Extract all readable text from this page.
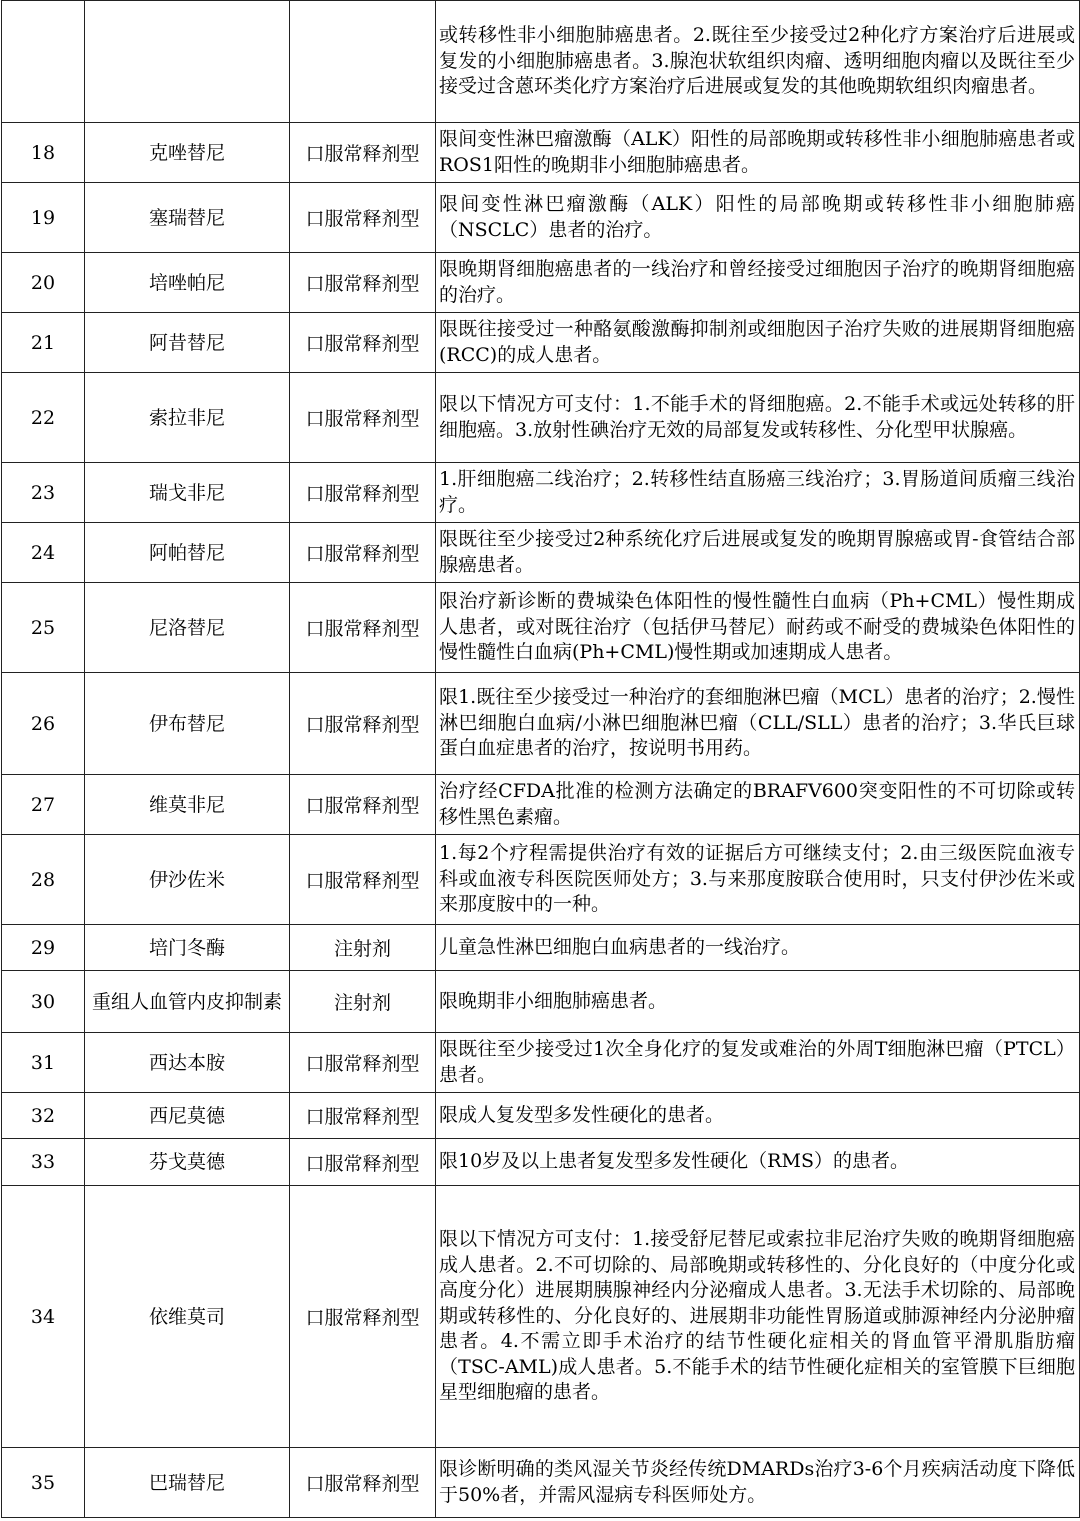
			或转移性非小细胞肺癌患者。2.既往至少接受过2种化疗方案治疗后进展或复发的小细胞肺癌患者。3.腺泡状软组织肉瘤、透明细胞肉瘤以及既往至少接受过含蒽环类化疗方案治疗后进展或复发的其他晚期软组织肉瘤患者。
18	克唑替尼	口服常释剂型	限间变性淋巴瘤激酶（ALK）阳性的局部晚期或转移性非小细胞肺癌患者或ROS1阳性的晚期非小细胞肺癌患者。
19	塞瑞替尼	口服常释剂型	限间变性淋巴瘤激酶（ALK）阳性的局部晚期或转移性非小细胞肺癌（NSCLC）患者的治疗。
20	培唑帕尼	口服常释剂型	限晚期肾细胞癌患者的一线治疗和曾经接受过细胞因子治疗的晚期肾细胞癌的治疗。
21	阿昔替尼	口服常释剂型	限既往接受过一种酪氨酸激酶抑制剂或细胞因子治疗失败的进展期肾细胞癌(RCC)的成人患者。
22	索拉非尼	口服常释剂型	限以下情况方可支付：1.不能手术的肾细胞癌。2.不能手术或远处转移的肝细胞癌。3.放射性碘治疗无效的局部复发或转移性、分化型甲状腺癌。
23	瑞戈非尼	口服常释剂型	1.肝细胞癌二线治疗；2.转移性结直肠癌三线治疗；3.胃肠道间质瘤三线治疗。
24	阿帕替尼	口服常释剂型	限既往至少接受过2种系统化疗后进展或复发的晚期胃腺癌或胃-食管结合部腺癌患者。
25	尼洛替尼	口服常释剂型	限治疗新诊断的费城染色体阳性的慢性髓性白血病（Ph+CML）慢性期成人患者，或对既往治疗（包括伊马替尼）耐药或不耐受的费城染色体阳性的慢性髓性白血病(Ph+CML)慢性期或加速期成人患者。
26	伊布替尼	口服常释剂型	限1.既往至少接受过一种治疗的套细胞淋巴瘤（MCL）患者的治疗；2.慢性淋巴细胞白血病/小淋巴细胞淋巴瘤（CLL/SLL）患者的治疗；3.华氏巨球蛋白血症患者的治疗，按说明书用药。
27	维莫非尼	口服常释剂型	治疗经CFDA批准的检测方法确定的BRAFV600突变阳性的不可切除或转移性黑色素瘤。
28	伊沙佐米	口服常释剂型	1.每2个疗程需提供治疗有效的证据后方可继续支付；2.由三级医院血液专科或血液专科医院医师处方；3.与来那度胺联合使用时，只支付伊沙佐米或来那度胺中的一种。
29	培门冬酶	注射剂	儿童急性淋巴细胞白血病患者的一线治疗。
30	重组人血管内皮抑制素	注射剂	限晚期非小细胞肺癌患者。
31	西达本胺	口服常释剂型	限既往至少接受过1次全身化疗的复发或难治的外周T细胞淋巴瘤（PTCL）患者。
32	西尼莫德	口服常释剂型	限成人复发型多发性硬化的患者。
33	芬戈莫德	口服常释剂型	限10岁及以上患者复发型多发性硬化（RMS）的患者。
34	依维莫司	口服常释剂型	限以下情况方可支付：1.接受舒尼替尼或索拉非尼治疗失败的晚期肾细胞癌成人患者。2.不可切除的、局部晚期或转移性的、分化良好的（中度分化或高度分化）进展期胰腺神经内分泌瘤成人患者。3.无法手术切除的、局部晚期或转移性的、分化良好的、进展期非功能性胃肠道或肺源神经内分泌肿瘤患者。4.不需立即手术治疗的结节性硬化症相关的肾血管平滑肌脂肪瘤（TSC-AML)成人患者。5.不能手术的结节性硬化症相关的室管膜下巨细胞星型细胞瘤的患者。
35	巴瑞替尼	口服常释剂型	限诊断明确的类风湿关节炎经传统DMARDs治疗3-6个月疾病活动度下降低于50%者，并需风湿病专科医师处方。
